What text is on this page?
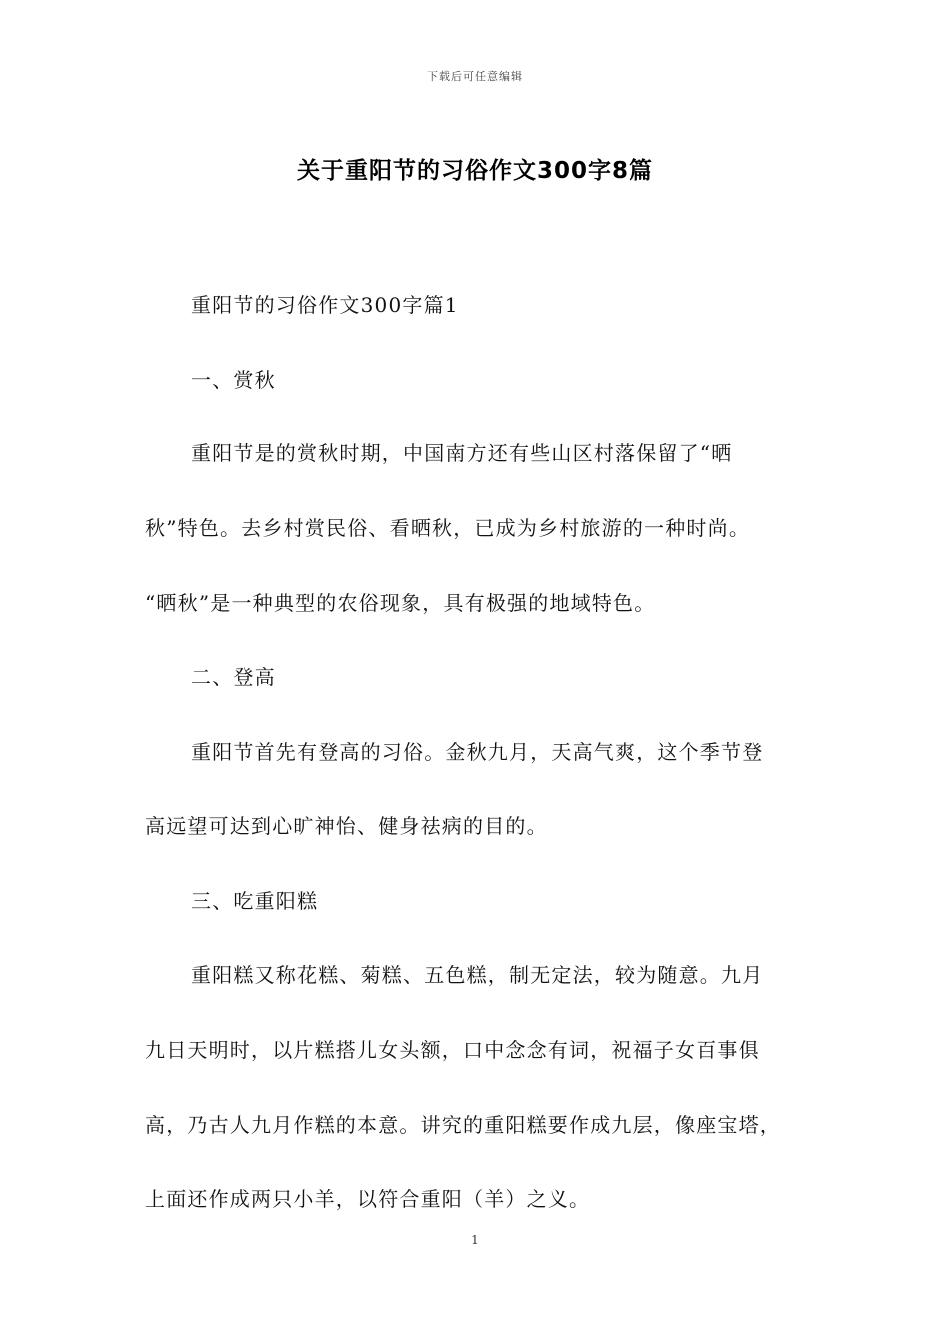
下载后可任意编辑
关于重阳节的习俗作文300字8篇
重阳节的习俗作文300字篇1
一、赏秋
重阳节是的赏秋时期，中国南方还有些山区村落保留了“晒
秋”特色。去乡村赏民俗、看晒秋，已成为乡村旅游的一种时尚。
“晒秋”是一种典型的农俗现象，具有极强的地域特色。
二、登高
重阳节首先有登高的习俗。金秋九月，天高气爽，这个季节登
高远望可达到心旷神怡、健身祛病的目的。
三、吃重阳糕
重阳糕又称花糕、菊糕、五色糕，制无定法，较为随意。九月
九日天明时，以片糕搭儿女头额，口中念念有词，祝福子女百事俱
高，乃古人九月作糕的本意。讲究的重阳糕要作成九层，像座宝塔，
上面还作成两只小羊，以符合重阳（羊）之义。
1
